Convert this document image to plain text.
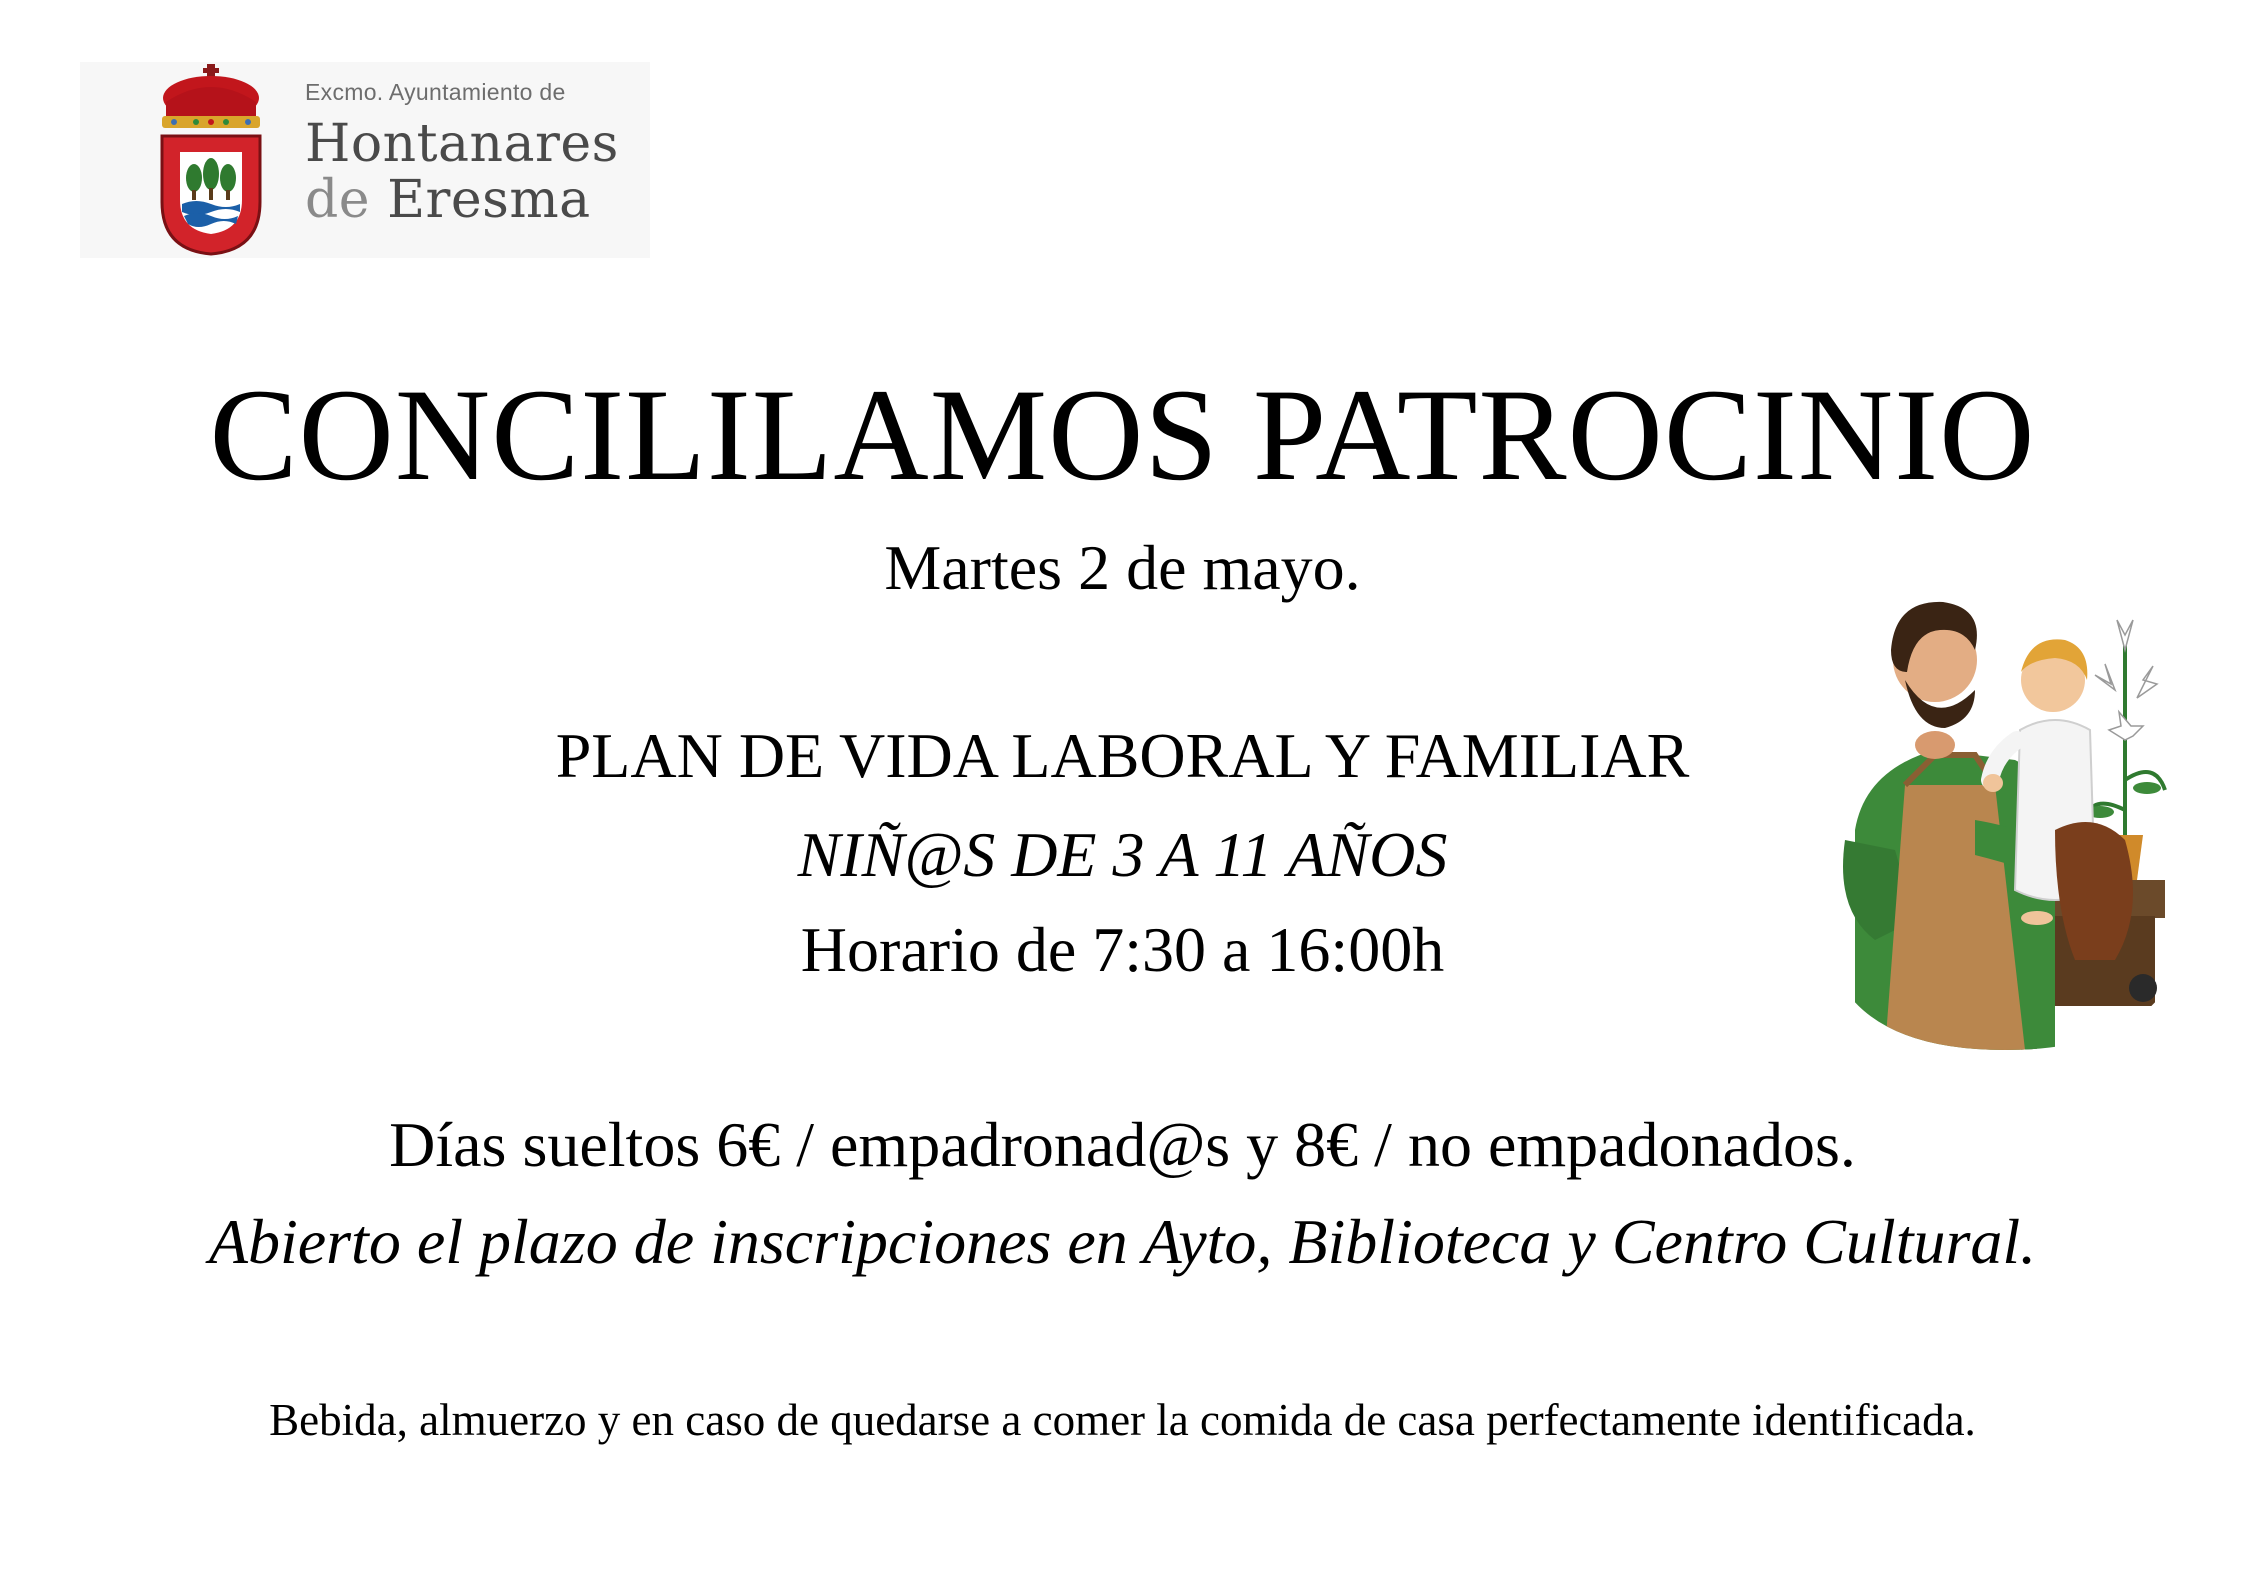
Excmo. Ayuntamiento de
Hontanares
de Eresma
CONCILILAMOS PATROCINIO
Martes 2 de mayo.
PLAN DE VIDA LABORAL Y FAMILIAR
NIÑ@S DE 3 A 11 AÑOS
Horario de 7:30 a 16:00h
Días sueltos 6€ / empadronad@s y 8€ / no empadonados.
Abierto el plazo de inscripciones en Ayto, Biblioteca y Centro Cultural.
Bebida, almuerzo y en caso de quedarse a comer la comida de casa perfectamente identificada.
